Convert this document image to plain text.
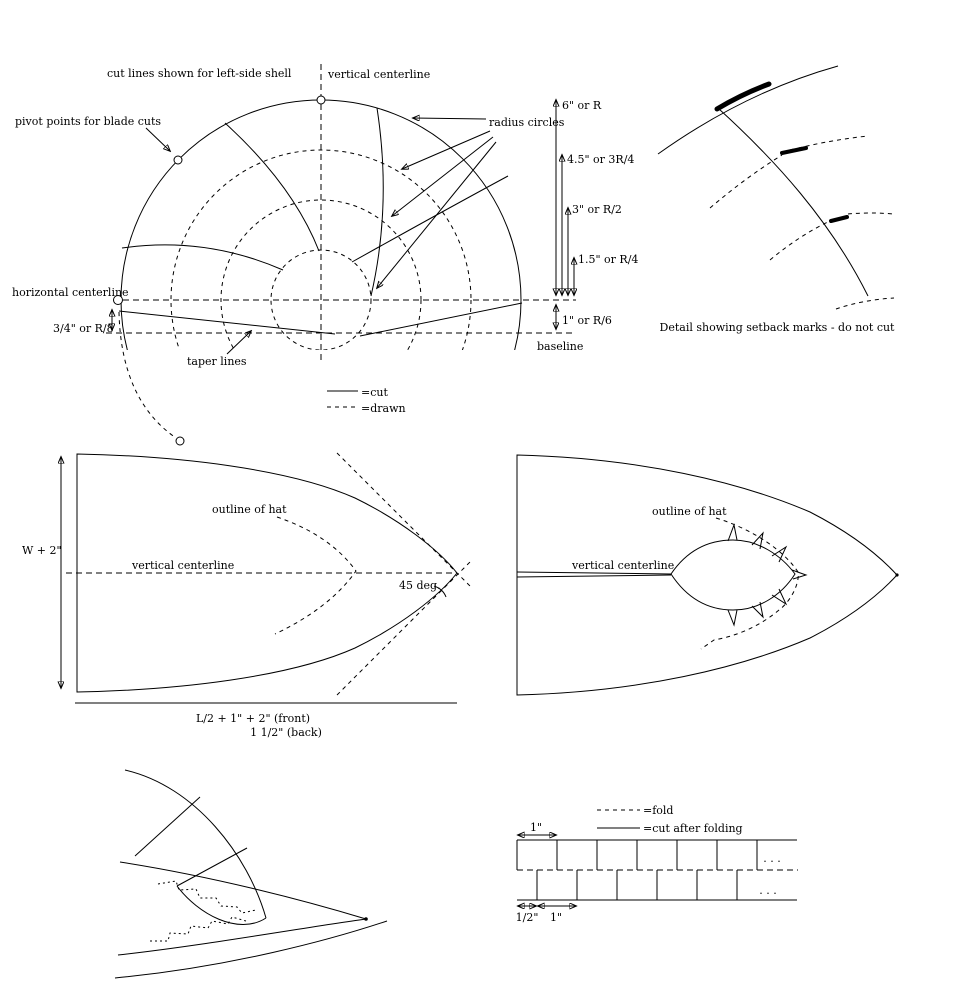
cut lines shown for left-side shell	vertical centerline
pivot points for blade cuts
horizontal centerline
3/4" or R/8
taper lines
radius circles
6" or R
4.5" or 3R/4
3" or R/2
1.5" or R/4
1" or R/6
baseline
=cut
=drawn
Detail showing setback marks - do not cut
W + 2"
outline of hat
vertical centerline
45 deg.
L/2 + 1" + 2" (front)
1 1/2" (back)
outline of hat
vertical centerline
=fold
=cut after folding
. . .
. . .
1"
1/2" 1"
